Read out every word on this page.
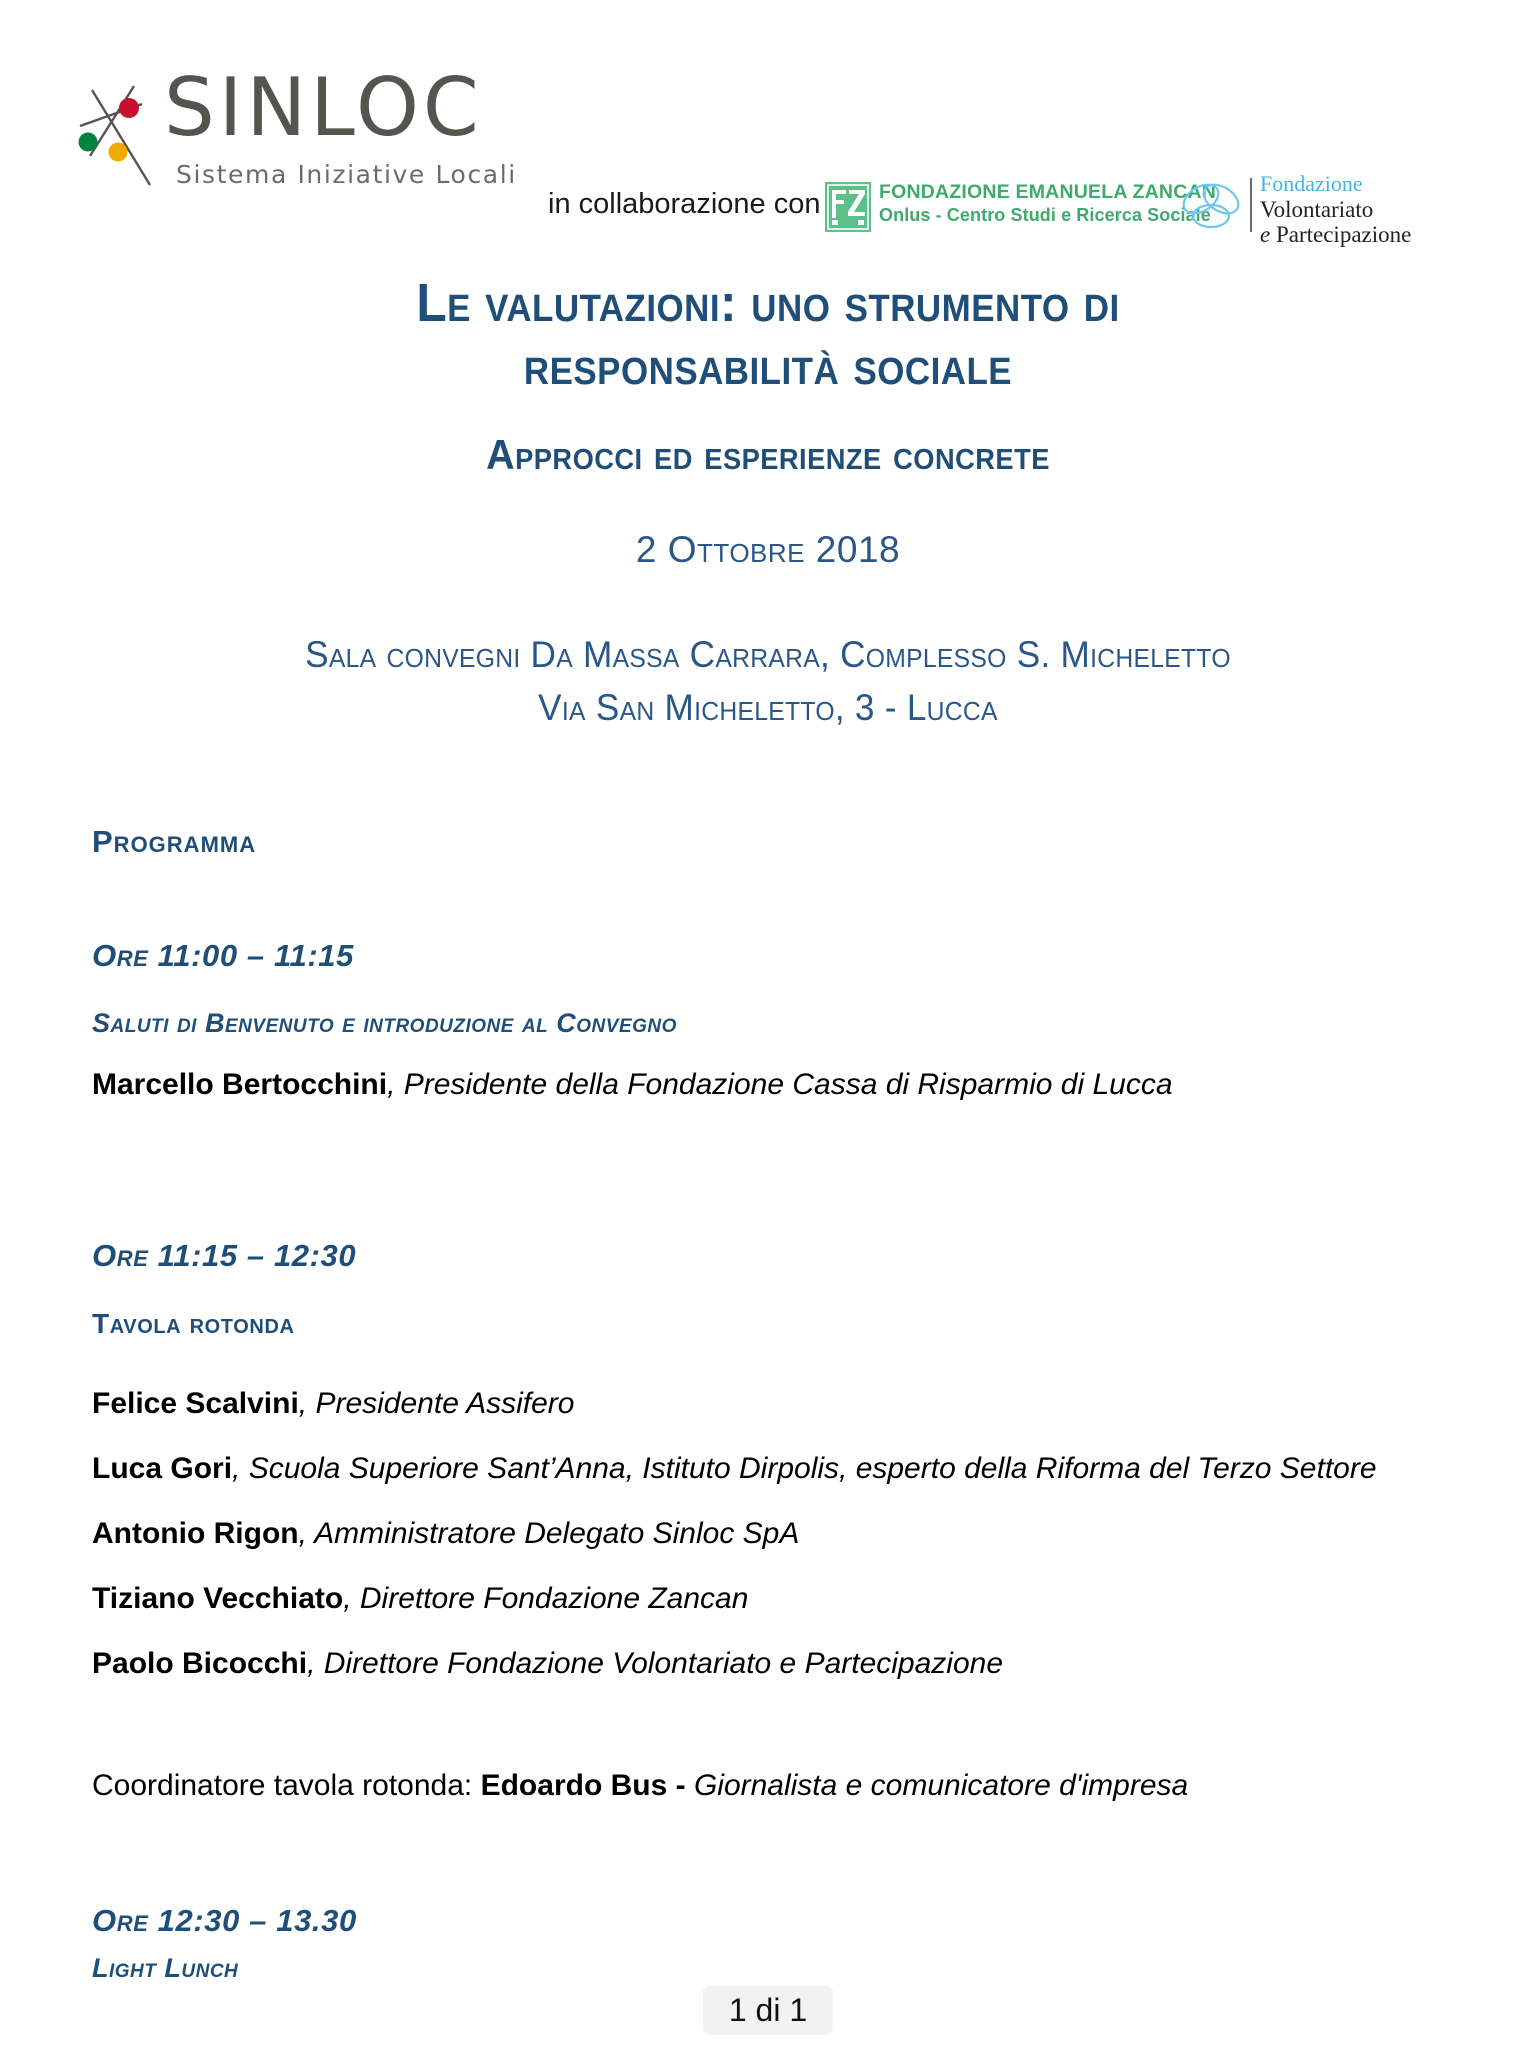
SINLOC
Sistema Iniziative Locali
in collaborazione con	FONDAZIONE EMANUELA ZANCAN
Onlus - Centro Studi e Ricerca Sociale
Fondazione
Volontariato
e Partecipazione
Le valutazioni: uno strumento di
responsabilità sociale
Approcci ed esperienze concrete
2 Ottobre 2018
Sala convegni Da Massa Carrara, Complesso S. Micheletto
Via San Micheletto, 3 - Lucca
Programma
Ore 11:00 – 11:15
Saluti di Benvenuto e introduzione al Convegno
Marcello Bertocchini, Presidente della Fondazione Cassa di Risparmio di Lucca
Ore 11:15 – 12:30
Tavola rotonda
Felice Scalvini, Presidente Assifero
Luca Gori, Scuola Superiore Sant’Anna, Istituto Dirpolis, esperto della Riforma del Terzo Settore
Antonio Rigon, Amministratore Delegato Sinloc SpA
Tiziano Vecchiato, Direttore Fondazione Zancan
Paolo Bicocchi, Direttore Fondazione Volontariato e Partecipazione
Coordinatore tavola rotonda: Edoardo Bus - Giornalista e comunicatore d'impresa
Ore 12:30 – 13.30
Light Lunch
1 di 1
